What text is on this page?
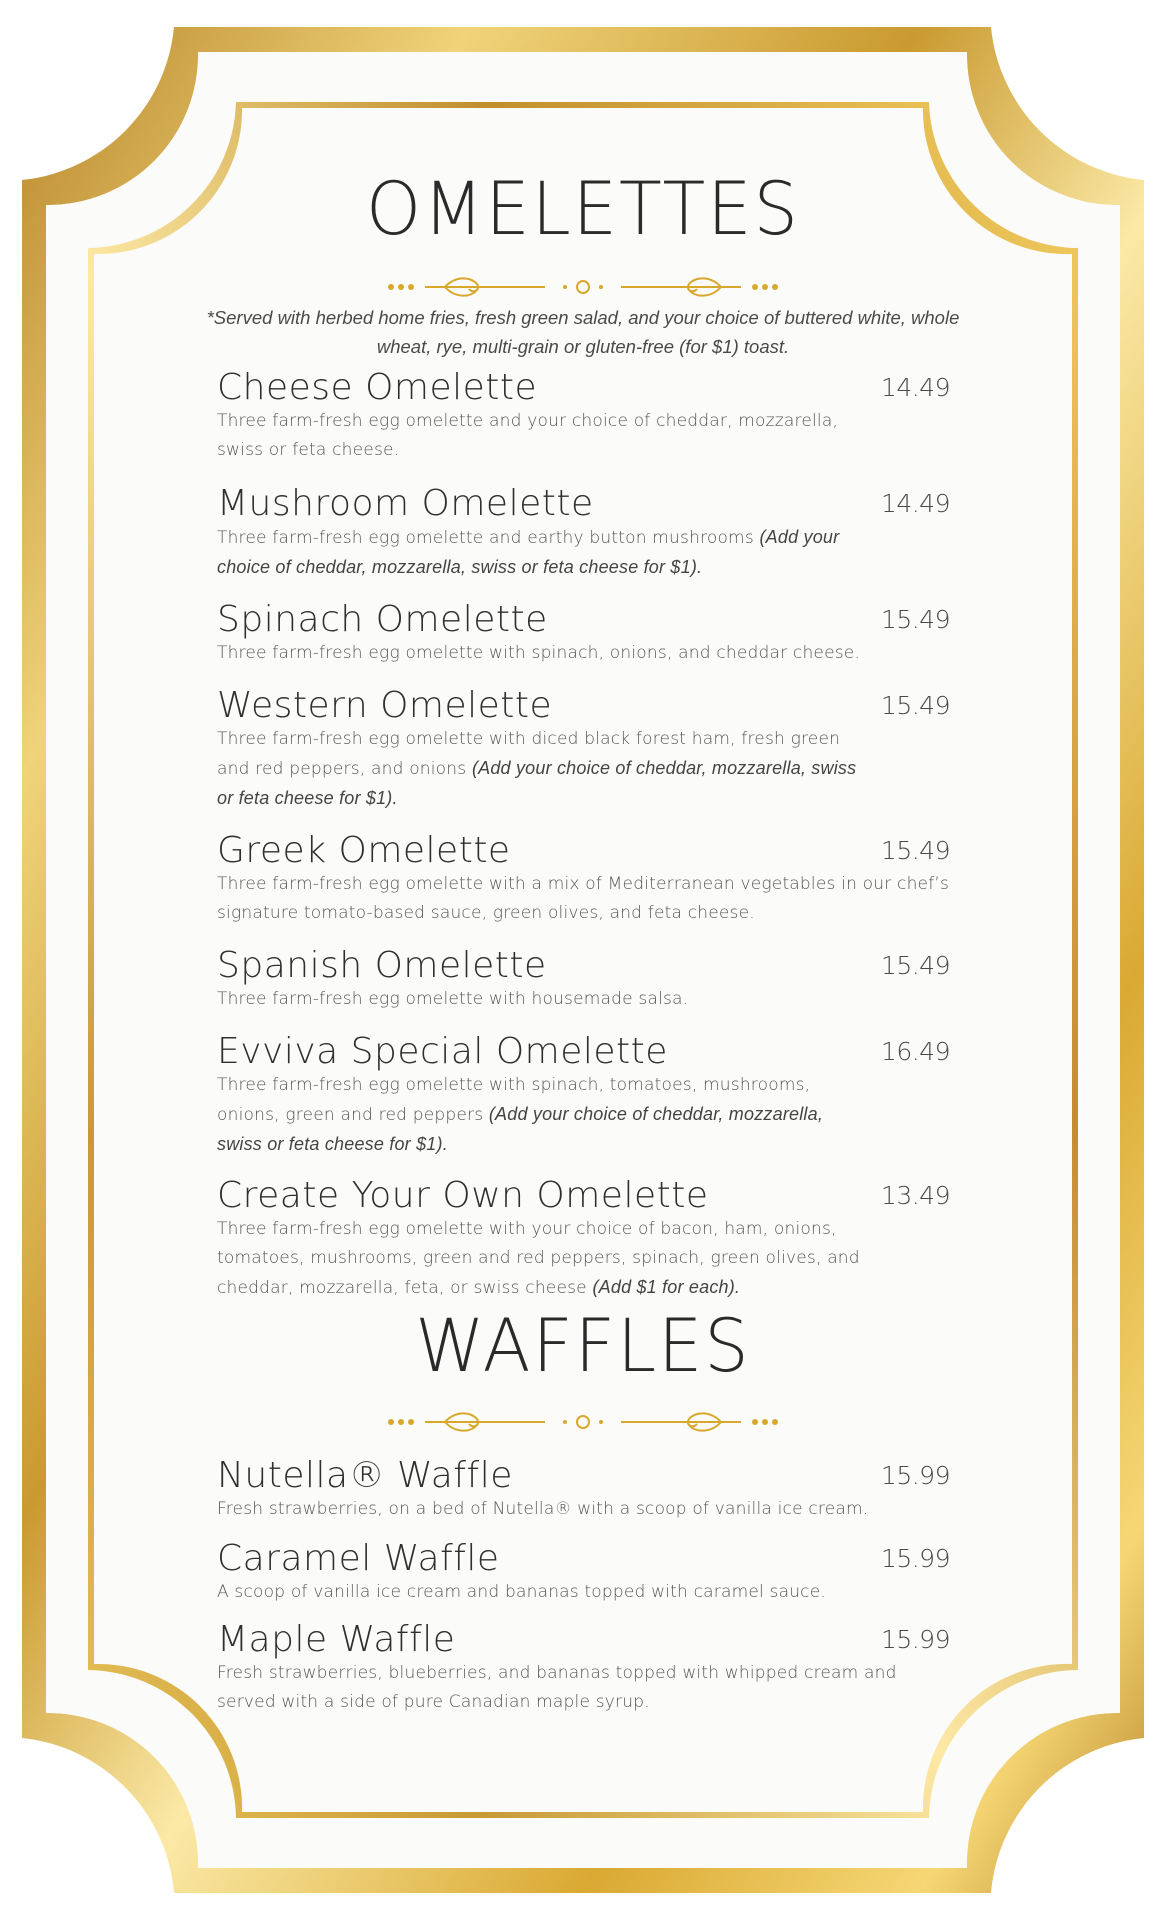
OMELETTES

*Served with herbed home fries, fresh green salad, and your choice of buttered white, whole wheat, rye, multi-grain or gluten-free (for $1) toast.

Cheese Omelette	14.49
Three farm-fresh egg omelette and your choice of cheddar, mozzarella, swiss or feta cheese.
Mushroom Omelette	14.49
Three farm-fresh egg omelette and earthy button mushrooms (Add your choice of cheddar, mozzarella, swiss or feta cheese for $1).
Spinach Omelette	15.49
Three farm-fresh egg omelette with spinach, onions, and cheddar cheese.
Western Omelette	15.49
Three farm-fresh egg omelette with diced black forest ham, fresh green and red peppers, and onions (Add your choice of cheddar, mozzarella, swiss or feta cheese for $1).
Greek Omelette	15.49
Three farm-fresh egg omelette with a mix of Mediterranean vegetables in our chef’s signature tomato-based sauce, green olives, and feta cheese.
Spanish Omelette	15.49
Three farm-fresh egg omelette with housemade salsa.
Evviva Special Omelette	16.49
Three farm-fresh egg omelette with spinach, tomatoes, mushrooms, onions, green and red peppers (Add your choice of cheddar, mozzarella, swiss or feta cheese for $1).
Create Your Own Omelette	13.49
Three farm-fresh egg omelette with your choice of bacon, ham, onions, tomatoes, mushrooms, green and red peppers, spinach, green olives, and cheddar, mozzarella, feta, or swiss cheese (Add $1 for each).
WAFFLES
Nutella® Waffle	15.99
Fresh strawberries, on a bed of Nutella® with a scoop of vanilla ice cream.
Caramel Waffle	15.99
A scoop of vanilla ice cream and bananas topped with caramel sauce.
Maple Waffle	15.99
Fresh strawberries, blueberries, and bananas topped with whipped cream and served with a side of pure Canadian maple syrup.
